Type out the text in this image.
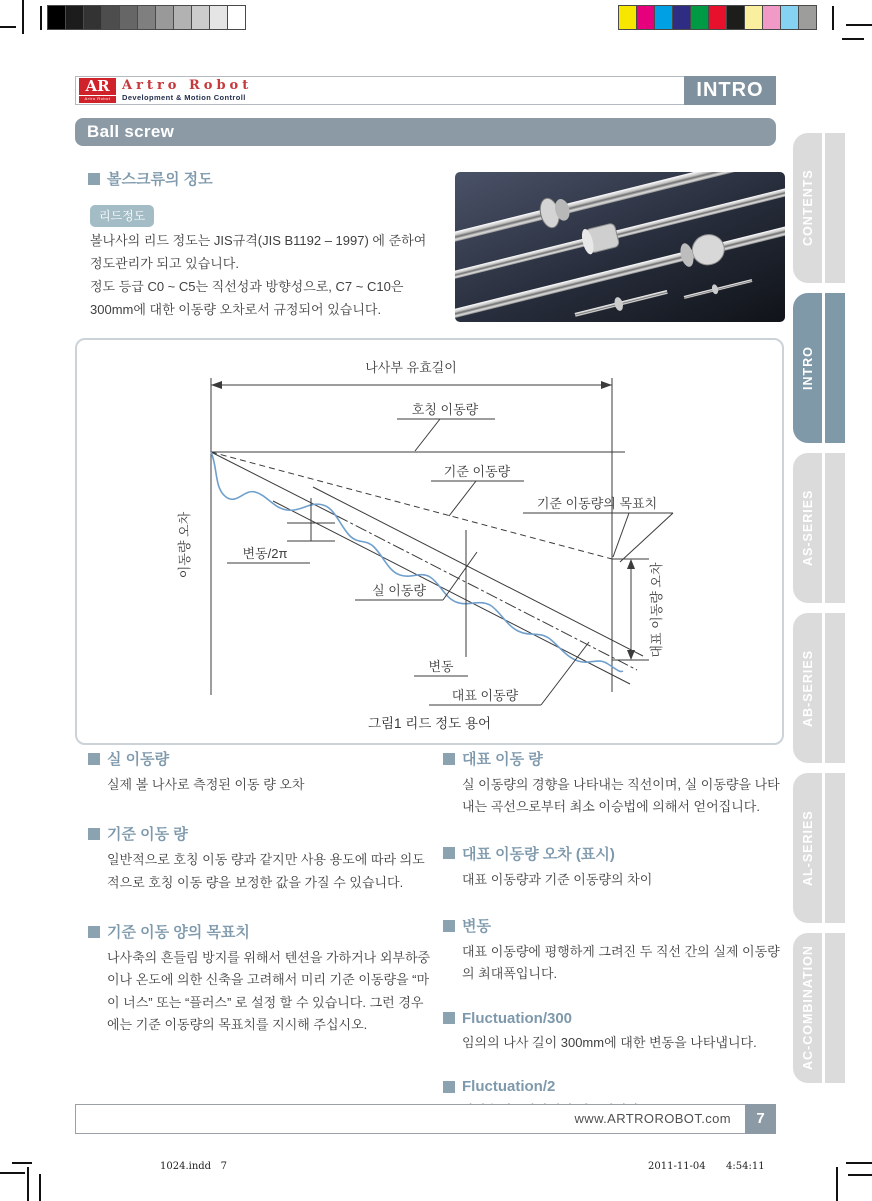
AR
Artro Robot
Artro Robot
Development & Motion Controll	INTRO
Ball screw
볼스크류의 정도
리드정도
볼나사의 리드 정도는 JIS규격(JIS B1192 – 1997) 에 준하여
정도관리가 되고 있습니다.
정도 등급 C0 ~ C5는 직선성과 방향성으로, C7 ~ C10은
300mm에 대한 이동량 오차로서 규정되어 있습니다.
나사부 유효길이
호칭 이동량
기준 이동량
기준 이동량의 목표치
변동/2π
실 이동량
변동
대표 이동량
대표 이동량 오차
이동량 오차
그림1 리드 정도 용어
실 이동량
실제 볼 나사로 측정된 이동 량 오차
기준 이동 량
일반적으로 호칭 이동 량과 같지만 사용 용도에 따라 의도적으로 호칭 이동 량을 보정한 값을 가질 수 있습니다.
기준 이동 양의 목표치
나사축의 흔들림 방지를 위해서 텐션을 가하거나 외부하중 이나 온도에 의한 신축을 고려해서 미리 기준 이동량을 “마이 너스” 또는 “플러스” 로 설정 할 수 있습니다. 그런 경우에는 기준 이동량의 목표치를 지시해 주십시오.
대표 이동 량
실 이동량의 경향을 나타내는 직선이며, 실 이동량을 나타내는 곡선으로부터 최소 이승법에 의해서 얻어집니다.
대표 이동량 오차 (표시)
대표 이동량과 기준 이동량의 차이
변동
대표 이동량에 평행하게 그려진 두 직선 간의 실제 이동량의 최대폭입니다.
Fluctuation/300
임의의 나사 길이 300mm에 대한 변동을 나타냅니다.
Fluctuation/2
CONTENTS
INTRO
AS-SERIES
AB-SERIES
AL-SERIES
AC-COMBINATION
www.ARTROROBOT.com	7
1024.indd   7	2011-11-04 4:54:11
